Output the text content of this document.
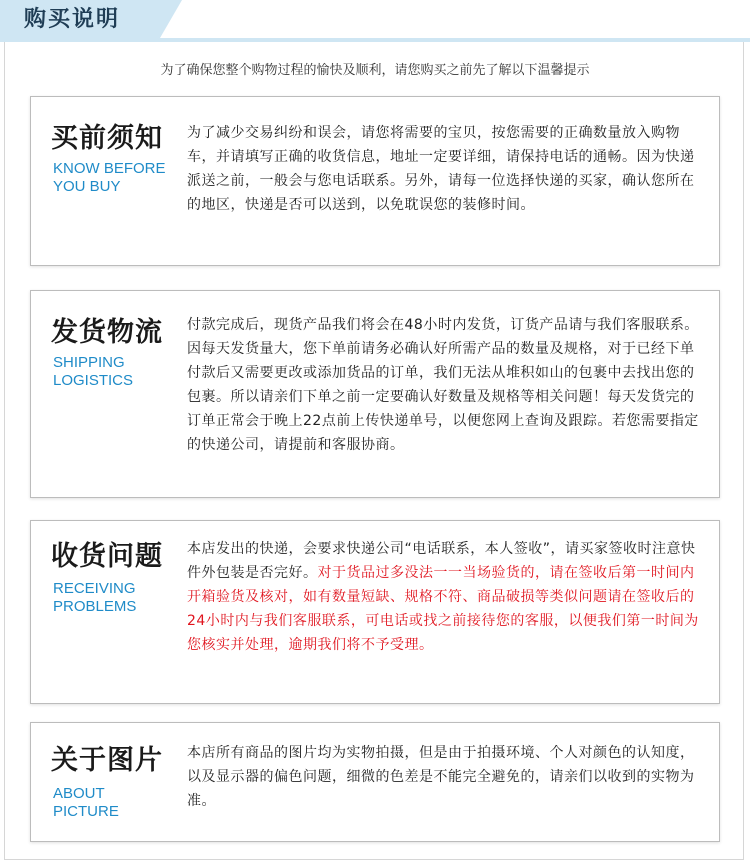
购买说明
为了确保您整个购物过程的愉快及顺利，请您购买之前先了解以下温馨提示
买前须知
KNOW BEFORE
YOU BUY
为了减少交易纠纷和误会，请您将需要的宝贝，按您需要的正确数量放入购物车，并请填写正确的收货信息，地址一定要详细，请保持电话的通畅。因为快递派送之前，一般会与您电话联系。另外，请每一位选择快递的买家，确认您所在的地区，快递是否可以送到，以免耽误您的装修时间。
发货物流
SHIPPING
LOGISTICS
付款完成后，现货产品我们将会在48小时内发货，订货产品请与我们客服联系。因每天发货量大，您下单前请务必确认好所需产品的数量及规格，对于已经下单付款后又需要更改或添加货品的订单，我们无法从堆积如山的包裹中去找出您的包裹。所以请亲们下单之前一定要确认好数量及规格等相关问题！每天发货完的订单正常会于晚上22点前上传快递单号，以便您网上查询及跟踪。若您需要指定的快递公司，请提前和客服协商。
收货问题
RECEIVING
PROBLEMS
本店发出的快递，会要求快递公司“电话联系，本人签收”，请买家签收时注意快件外包装是否完好。对于货品过多没法一一当场验货的，请在签收后第一时间内开箱验货及核对，如有数量短缺、规格不符、商品破损等类似问题请在签收后的24小时内与我们客服联系，可电话或找之前接待您的客服，以便我们第一时间为您核实并处理，逾期我们将不予受理。
关于图片
ABOUT
PICTURE
本店所有商品的图片均为实物拍摄，但是由于拍摄环境、个人对颜色的认知度，以及显示器的偏色问题，细微的色差是不能完全避免的，请亲们以收到的实物为准。
